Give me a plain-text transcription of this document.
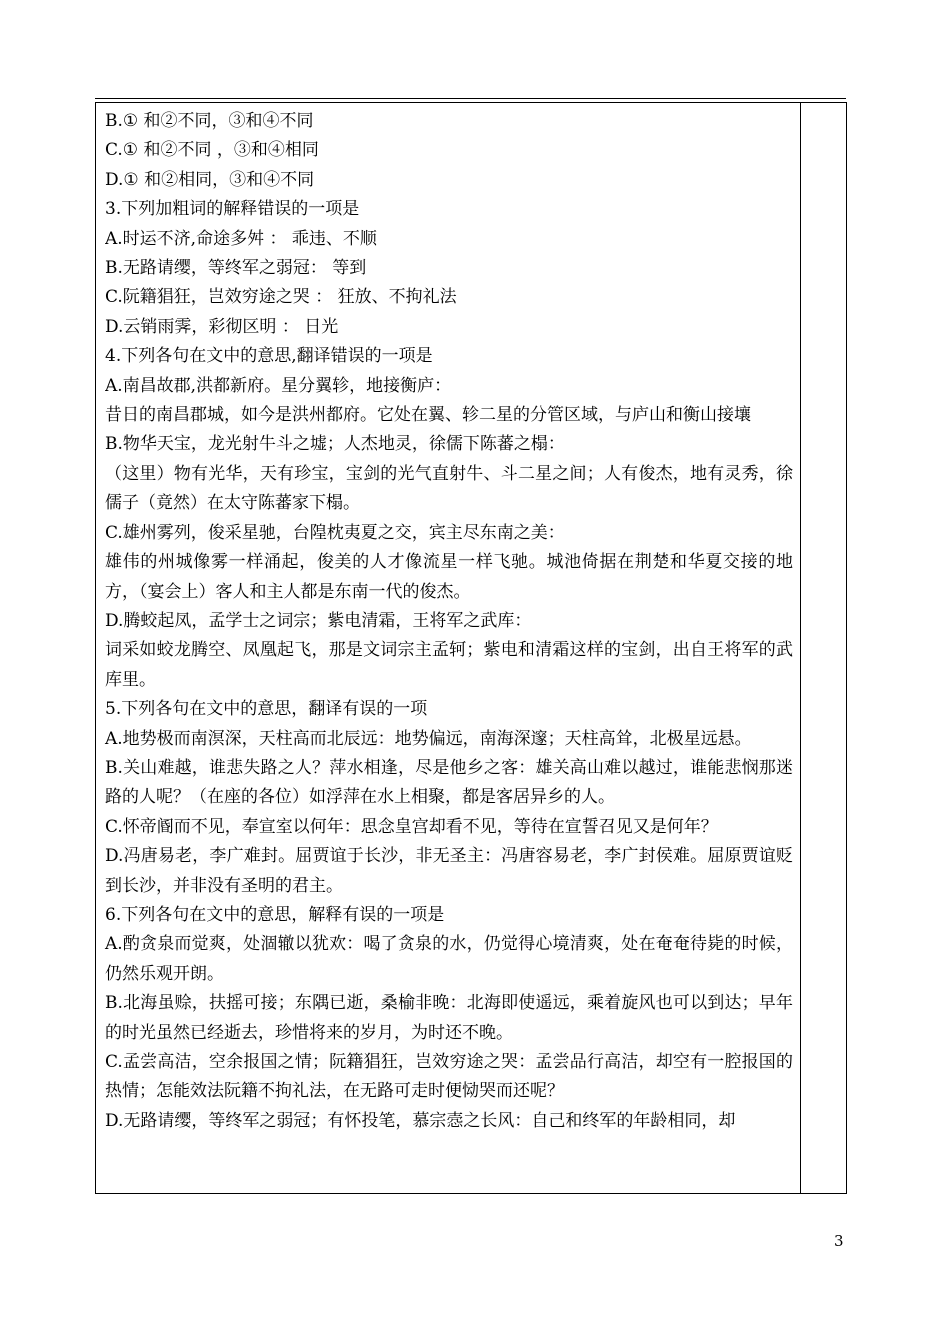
B.① 和②不同，③和④不同
C.① 和②不同 ，③和④相同
D.① 和②相同，③和④不同
3.下列加粗词的解释错误的一项是
A.时运不济,命途多舛 ： 乖违、不顺
B.无路请缨，等终军之弱冠： 等到
C.阮籍猖狂，岂效穷途之哭 ： 狂放、不拘礼法
D.云销雨霁，彩彻区明 ： 日光
4.下列各句在文中的意思,翻译错误的一项是
A.南昌故郡,洪都新府。星分翼轸，地接衡庐：
昔日的南昌郡城，如今是洪州都府。它处在翼、轸二星的分管区域，与庐山和衡山接壤
B.物华天宝，龙光射牛斗之墟；人杰地灵，徐儒下陈蕃之榻：
（这里）物有光华，天有珍宝，宝剑的光气直射牛、斗二星之间；人有俊杰，地有灵秀，徐儒子（竟然）在太守陈蕃家下榻。
C.雄州雾列，俊采星驰，台隍枕夷夏之交，宾主尽东南之美：
雄伟的州城像雾一样涌起，俊美的人才像流星一样飞驰。城池倚据在荆楚和华夏交接的地方，（宴会上）客人和主人都是东南一代的俊杰。
D.腾蛟起凤，孟学士之词宗；紫电清霜，王将军之武库：
词采如蛟龙腾空、凤凰起飞，那是文词宗主孟轲；紫电和清霜这样的宝剑，出自王将军的武库里。
5.下列各句在文中的意思，翻译有误的一项
A.地势极而南溟深，天柱高而北辰远：地势偏远，南海深邃；天柱高耸，北极星远悬。
B.关山难越，谁悲失路之人？萍水相逢，尽是他乡之客：雄关高山难以越过，谁能悲悯那迷路的人呢？（在座的各位）如浮萍在水上相聚，都是客居异乡的人。
C.怀帝阍而不见，奉宣室以何年：思念皇宫却看不见，等待在宣誓召见又是何年？
D.冯唐易老，李广难封。屈贾谊于长沙，非无圣主：冯唐容易老，李广封侯难。屈原贾谊贬到长沙，并非没有圣明的君主。
6.下列各句在文中的意思，解释有误的一项是
A.酌贪泉而觉爽，处涸辙以犹欢：喝了贪泉的水，仍觉得心境清爽，处在奄奄待毙的时候，仍然乐观开朗。
B.北海虽赊，扶摇可接；东隅已逝，桑榆非晚：北海即使遥远，乘着旋风也可以到达；早年的时光虽然已经逝去，珍惜将来的岁月，为时还不晚。
C.孟尝高洁，空余报国之情；阮籍猖狂，岂效穷途之哭：孟尝品行高洁，却空有一腔报国的热情；怎能效法阮籍不拘礼法，在无路可走时便恸哭而还呢？
D.无路请缨，等终军之弱冠；有怀投笔，慕宗悫之长风：自己和终军的年龄相同，却
3
